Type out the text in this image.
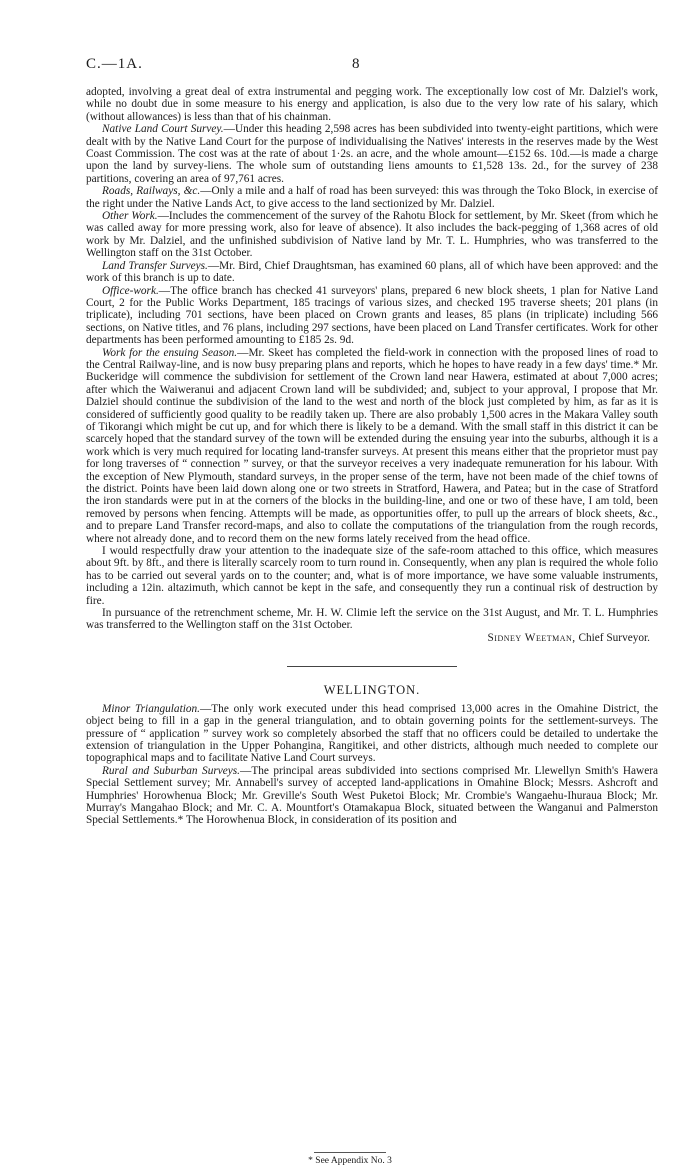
C.—1A.	8

adopted, involving a great deal of extra instrumental and pegging work. The exceptionally low cost of Mr. Dalziel's work, while no doubt due in some measure to his energy and application, is also due to the very low rate of his salary, which (without allowances) is less than that of his chainman.

Native Land Court Survey.—Under this heading 2,598 acres has been subdivided into twenty-eight partitions, which were dealt with by the Native Land Court for the purpose of individualising the Natives' interests in the reserves made by the West Coast Commission. The cost was at the rate of about 1·2s. an acre, and the whole amount—£152 6s. 10d.—is made a charge upon the land by survey-liens. The whole sum of outstanding liens amounts to £1,528 13s. 2d., for the survey of 238 partitions, covering an area of 97,761 acres.

Roads, Railways, &c.—Only a mile and a half of road has been surveyed: this was through the Toko Block, in exercise of the right under the Native Lands Act, to give access to the land sectionized by Mr. Dalziel.

Other Work.—Includes the commencement of the survey of the Rahotu Block for settlement, by Mr. Skeet (from which he was called away for more pressing work, also for leave of absence). It also includes the back-pegging of 1,368 acres of old work by Mr. Dalziel, and the unfinished subdivision of Native land by Mr. T. L. Humphries, who was transferred to the Wellington staff on the 31st October.

Land Transfer Surveys.—Mr. Bird, Chief Draughtsman, has examined 60 plans, all of which have been approved: and the work of this branch is up to date.

Office-work.—The office branch has checked 41 surveyors' plans, prepared 6 new block sheets, 1 plan for Native Land Court, 2 for the Public Works Department, 185 tracings of various sizes, and checked 195 traverse sheets; 201 plans (in triplicate), including 701 sections, have been placed on Crown grants and leases, 85 plans (in triplicate) including 566 sections, on Native titles, and 76 plans, including 297 sections, have been placed on Land Transfer certificates. Work for other departments has been performed amounting to £185 2s. 9d.

Work for the ensuing Season.—Mr. Skeet has completed the field-work in connection with the proposed lines of road to the Central Railway-line, and is now busy preparing plans and reports, which he hopes to have ready in a few days' time.* Mr. Buckeridge will commence the subdivision for settlement of the Crown land near Hawera, estimated at about 7,000 acres; after which the Waiweranui and adjacent Crown land will be subdivided; and, subject to your approval, I propose that Mr. Dalziel should continue the subdivision of the land to the west and north of the block just completed by him, as far as it is considered of sufficiently good quality to be readily taken up. There are also probably 1,500 acres in the Makara Valley south of Tikorangi which might be cut up, and for which there is likely to be a demand. With the small staff in this district it can be scarcely hoped that the standard survey of the town will be extended during the ensuing year into the suburbs, although it is a work which is very much required for locating land-transfer surveys. At present this means either that the proprietor must pay for long traverses of “ connection ” survey, or that the surveyor receives a very inadequate remuneration for his labour. With the exception of New Plymouth, standard surveys, in the proper sense of the term, have not been made of the chief towns of the district. Points have been laid down along one or two streets in Stratford, Hawera, and Patea; but in the case of Stratford the iron standards were put in at the corners of the blocks in the building-line, and one or two of these have, I am told, been removed by persons when fencing. Attempts will be made, as opportunities offer, to pull up the arrears of block sheets, &c., and to prepare Land Transfer record-maps, and also to collate the computations of the triangulation from the rough records, where not already done, and to record them on the new forms lately received from the head office.

I would respectfully draw your attention to the inadequate size of the safe-room attached to this office, which measures about 9ft. by 8ft., and there is literally scarcely room to turn round in. Consequently, when any plan is required the whole folio has to be carried out several yards on to the counter; and, what is of more importance, we have some valuable instruments, including a 12in. altazimuth, which cannot be kept in the safe, and consequently they run a continual risk of destruction by fire.

In pursuance of the retrenchment scheme, Mr. H. W. Climie left the service on the 31st August, and Mr. T. L. Humphries was transferred to the Wellington staff on the 31st October.

Sidney Weetman, Chief Surveyor.

WELLINGTON.

Minor Triangulation.—The only work executed under this head comprised 13,000 acres in the Omahine District, the object being to fill in a gap in the general triangulation, and to obtain governing points for the settlement-surveys. The pressure of “ application ” survey work so completely absorbed the staff that no officers could be detailed to undertake the extension of triangulation in the Upper Pohangina, Rangitikei, and other districts, although much needed to complete our topographical maps and to facilitate Native Land Court surveys.

Rural and Suburban Surveys.—The principal areas subdivided into sections comprised Mr. Llewellyn Smith's Hawera Special Settlement survey; Mr. Annabell's survey of accepted land-applications in Omahine Block; Messrs. Ashcroft and Humphries' Horowhenua Block; Mr. Greville's South West Puketoi Block; Mr. Crombie's Wangaehu-Ihuraua Block; Mr. Murray's Mangahao Block; and Mr. C. A. Mountfort's Otamakapua Block, situated between the Wanganui and Palmerston Special Settlements.* The Horowhenua Block, in consideration of its position and

* See Appendix No. 3
